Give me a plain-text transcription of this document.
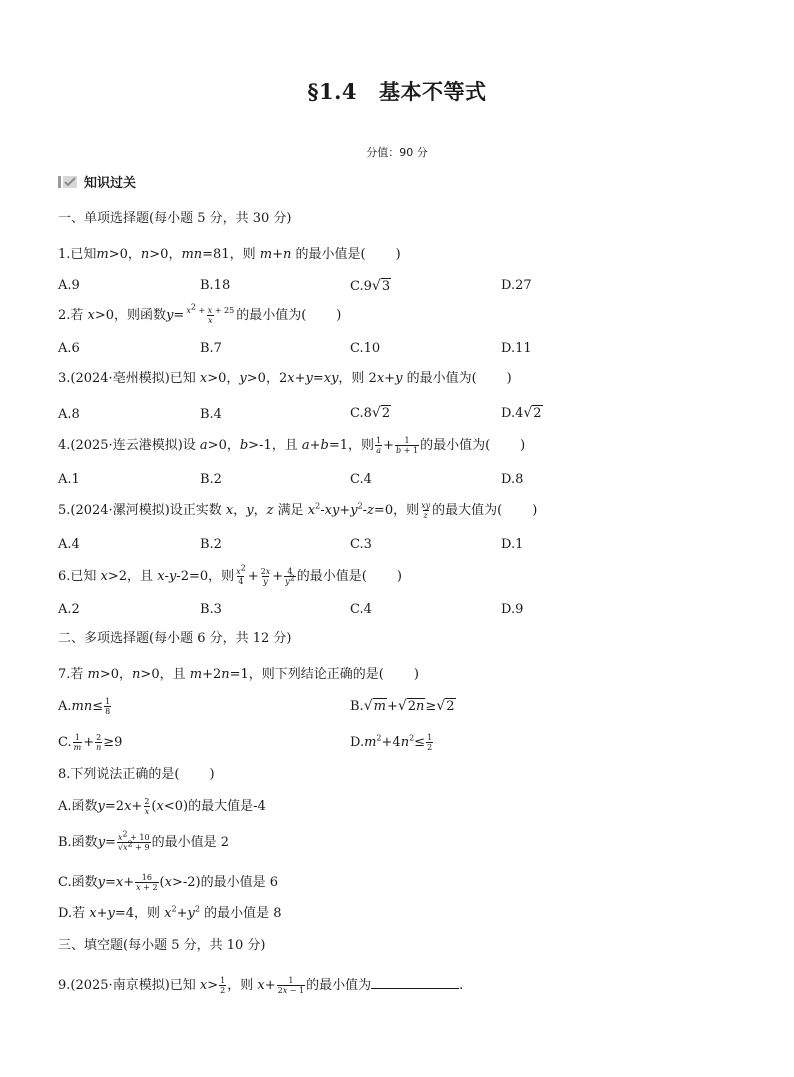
§1.4 基本不等式
分值：90 分
知识过关
一、单项选择题(每小题 5 分，共 30 分)
1.已知m>0，n>0，mn=81，则 m+n 的最小值是( )
A.9	B.18	C.9√3	D.27
2.若 x>0，则函数$y= \frac{x^2 + x + 25}{x}$ 的最小值为( )
A.6	B.7	C.10	D.11
3.(2024·亳州模拟)已知 x>0，y>0，2x+y=xy，则 2x+y 的最小值为( )
A.8	B.4	C.8√2	D.4√2
4.(2025·连云港模拟)设 a>0，b>-1，且 a+b=1，则 $\frac{1}{a} + \frac{1}{b + 1}$ 的最小值为( )
A.1	B.2	C.4	D.8
5.(2024·漯河模拟)设正实数 x，y，z 满足 $x^2-xy+y^2-z=0$，则 $\frac{xy}{z}$ 的最大值为( )
A.4	B.2	C.3	D.1
6.已知 x>2，且 x-y-2=0，则 $\frac{x^2}{4} + \frac{2x}{y} + \frac{4}{y^2}$ 的最小值是( )
A.2	B.3	C.4	D.9
二、多项选择题(每小题 6 分，共 12 分)
7.若 m>0，n>0，且 m+2n=1，则下列结论正确的是( )
$A.mn\le \frac{1}{8}$	B.√m+√2n≥√2
C. $\frac{1}{m} + \frac{2}{n} \ge 9$	$D.m^2+4n^2\le \frac{1}{2}$
8.下列说法正确的是( )
A.函数$y=2x+ \frac{2}{x} (x<0)$的最大值是-4
B.函数$y= \frac{x^2 + 10}{√x^2 + 9}$ 的最小值是 2
C.函数$y=x+ \frac{16}{x + 2} (x>-2)$的最小值是 6
D.若 x+y=4，则 $x^2+y^2$ 的最小值是 8
三、填空题(每小题 5 分，共 10 分)
9.(2025·南京模拟)已知 $x> \frac{1}{2}$ ，则 $x+ \frac{1}{2x - 1}$ 的最小值为	.
